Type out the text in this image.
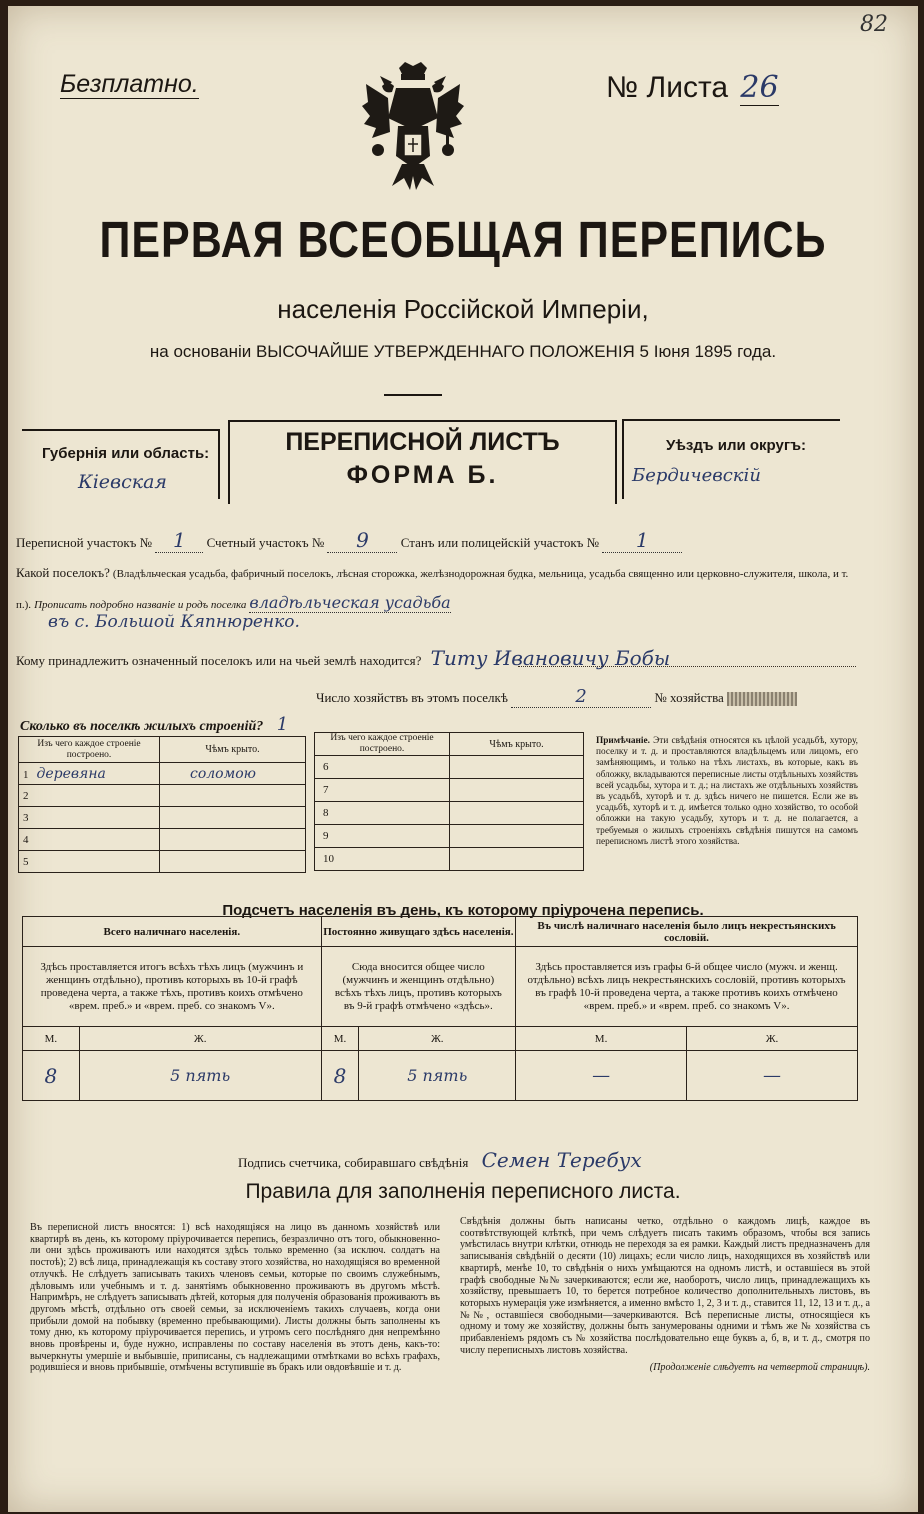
Безплатно.	№ Листа 26
82
ПЕРВАЯ ВСЕОБЩАЯ ПЕРЕПИСЬ
населенія Россійской Имперіи,
на основаніи ВЫСОЧАЙШЕ УТВЕРЖДЕННАГО ПОЛОЖЕНІЯ 5 Іюня 1895 года.
Губернія или область:
Кіевская
ПЕРЕПИСНОЙ ЛИСТЪ
ФОРМА Б.
Уѣздъ или округъ:
Бердичевскій
Переписной участокъ № 1 Счетный участокъ № 9 Станъ или полицейскій участокъ № 1
Какой поселокъ? (Владѣльческая усадьба, фабричный поселокъ, лѣсная сторожка, желѣзнодорожная будка, мельница, усадьба священно или церковно-служителя, школа, и т. п.). Прописать подробно названіе и родъ поселка владѣльческая усадьба
въ с. Большой Кяпнюренко.
Кому принадлежитъ означенный поселокъ или на чьей землѣ находится? Титу Ивановичу Бобы
Число хозяйствъ въ этомъ поселкѣ	2	№ хозяйства
Сколько въ поселкѣ жилыхъ строеній? 1
Изъ чего каждое строеніе построено.	Чѣмъ крыто.
1 деревяна	соломою
2	
3	
4	
5	
Изъ чего каждое строеніе построено.	Чѣмъ крыто.
6	
7	
8	
9	
10	
Примѣчаніе. Эти свѣдѣнія относятся къ цѣлой усадьбѣ, хутору, поселку и т. д. и проставляются владѣльцемъ или лицомъ, его замѣняющимъ, и только на тѣхъ листахъ, въ которые, какъ въ обложку, вкладываются переписные листы отдѣльныхъ хозяйствъ всей усадьбы, хутора и т. д.; на листахъ же отдѣльныхъ хозяйствъ въ усадьбѣ, хуторѣ и т. д. здѣсь ничего не пишется. Если же въ усадьбѣ, хуторѣ и т. д. имѣется только одно хозяйство, то особой обложки на такую усадьбу, хуторъ и т. д. не полагается, а требуемыя о жилыхъ строеніяхъ свѣдѣнія пишутся на самомъ переписномъ листѣ этого хозяйства.
Подсчетъ населенія въ день, къ которому пріурочена перепись.
Всего наличнаго населенія.		Постоянно живущаго здѣсь населенія.		Въ числѣ наличнаго населенія было лицъ некрестьянскихъ сословій.	
Здѣсь проставляется итогъ всѣхъ тѣхъ лицъ (мужчинъ и женщинъ отдѣльно), противъ которыхъ въ 10-й графѣ проведена черта, а также тѣхъ, противъ коихъ отмѣчено «врем. преб.» и «врем. преб. со знакомъ V».		Сюда вносится общее число (мужчинъ и женщинъ отдѣльно) всѣхъ тѣхъ лицъ, противъ которыхъ въ 9-й графѣ отмѣчено «здѣсь».		Здѣсь проставляется изъ графы 6-й общее число (мужч. и женщ. отдѣльно) всѣхъ лицъ некрестьянскихъ сословій, противъ которыхъ въ графѣ 10-й проведена черта, а также противъ коихъ отмѣчено «врем. преб.» и «врем. преб. со знакомъ V».	
М.	Ж.	М.	Ж.	М.	Ж.
8	5 пять	8	5 пять	—	—
Подпись счетчика, собиравшаго свѣдѣнія Семен Теребух
Правила для заполненія переписного листа.
Въ переписной листъ вносятся: 1) всѣ находящіяся на лицо въ данномъ хозяйствѣ или квартирѣ въ день, къ которому пріурочивается перепись, безразлично отъ того, обыкновенно-ли они здѣсь проживаютъ или находятся здѣсь только временно (за исключ. солдатъ на постоѣ); 2) всѣ лица, принадлежащія къ составу этого хозяйства, но находящіяся во временной отлучкѣ. Не слѣдуетъ записывать такихъ членовъ семьи, которые по своимъ служебнымъ, дѣловымъ или учебнымъ и т. д. занятіямъ обыкновенно проживаютъ въ другомъ мѣстѣ. Напримѣръ, не слѣдуетъ записывать дѣтей, которыя для полученія образованія проживаютъ въ другомъ мѣстѣ, отдѣльно отъ своей семьи, за исключеніемъ такихъ случаевъ, когда они прибыли домой на побывку (временно пребывающими). Листы должны быть заполнены къ тому дню, къ которому пріурочивается перепись, и утромъ сего послѣдняго дня непремѣнно вновь провѣрены и, буде нужно, исправлены по составу населенія въ этотъ день, какъ-то: вычеркнуты умершіе и выбывшіе, приписаны, съ надлежащими отмѣтками во всѣхъ графахъ, родившіеся и вновь прибывшіе, отмѣчены вступившіе въ бракъ или овдовѣвшіе и т. д.
Свѣдѣнія должны быть написаны четко, отдѣльно о каждомъ лицѣ, каждое въ соотвѣтствующей клѣткѣ, при чемъ слѣдуетъ писать такимъ образомъ, чтобы вся запись умѣстилась внутри клѣтки, отнюдь не переходя за ея рамки. Каждый листъ предназначенъ для записыванія свѣдѣній о десяти (10) лицахъ; если число лицъ, находящихся въ хозяйствѣ или квартирѣ, менѣе 10, то свѣдѣнія о нихъ умѣщаются на одномъ листѣ, и оставшіеся въ этой графѣ свободные №№ зачеркиваются; если же, наоборотъ, число лицъ, принадлежащихъ къ хозяйству, превышаетъ 10, то берется потребное количество дополнительныхъ листовъ, въ которыхъ нумерація уже измѣняется, а именно вмѣсто 1, 2, 3 и т. д., ставится 11, 12, 13 и т. д., а №№, оставшіеся свободными—зачеркиваются. Всѣ переписные листы, относящіеся къ одному и тому же хозяйству, должны быть занумерованы одними и тѣмъ же № хозяйства съ прибавленіемъ рядомъ съ № хозяйства послѣдовательно еще буквъ а, б, в, и т. д., смотря по числу переписныхъ листовъ хозяйства.
(Продолженіе слѣдуетъ на четвертой страницѣ).
